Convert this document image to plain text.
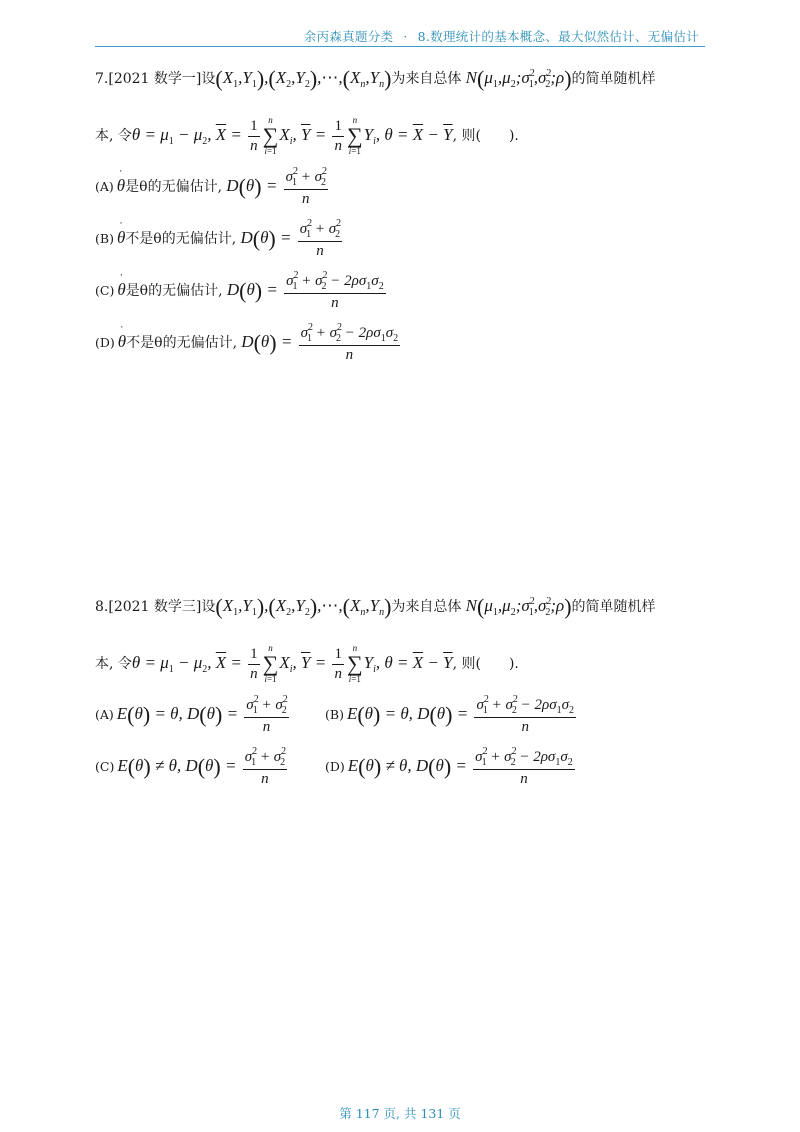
余丙森真题分类 · 8.数理统计的基本概念、最大似然估计、无偏估计
7.[2021 数学一]设$(X_1,Y_1),(X_2,Y_2),\cdots,(X_n,Y_n)$为来自总体 $N(\mu_1,\mu_2;\sigma^2_1,\sigma^2_2;\rho)$的简单随机样
本, 令$\theta = \mu_1 - \mu_2$, $\overline{X} = \frac{1}{n}$ n
∑
i=1
$X_i$, $\overline{Y} = \frac{1}{n}$ n
∑
i=1
$Y_i$, $\theta = \overline{X} - \overline{Y}$, 则(　　).
(A) ˙ θ是θ的无偏估计, $D(\theta) = \frac{\sigma^2_1 + \sigma^2_2}{n}$
(B) ˙ θ不是θ的无偏估计, $D(\theta) = \frac{\sigma^2_1 + \sigma^2_2}{n}$
(C) ˙ θ是θ的无偏估计, $D(\theta) = \frac{\sigma^2_1 + \sigma^2_2 - 2\rho\sigma_1\sigma_2}{n}$
(D) ˙ θ不是θ的无偏估计, $D(\theta) = \frac{\sigma^2_1 + \sigma^2_2 - 2\rho\sigma_1\sigma_2}{n}$
8.[2021 数学三]设$(X_1,Y_1),(X_2,Y_2),\cdots,(X_n,Y_n)$为来自总体 $N(\mu_1,\mu_2;\sigma^2_1,\sigma^2_2;\rho)$的简单随机样
本, 令$\theta = \mu_1 - \mu_2$, $\overline{X} = \frac{1}{n}$ n
∑
i=1
$X_i$, $\overline{Y} = \frac{1}{n}$ n
∑
i=1
$Y_i$, $\theta = \overline{X} - \overline{Y}$, 则(　　).
(A) E(θ) = θ, $D(\theta) = \frac{\sigma^2_1 + \sigma^2_2}{n}$	(B) E(θ) = θ, $D(\theta) = \frac{\sigma^2_1 + \sigma^2_2 - 2\rho\sigma_1\sigma_2}{n}$
(C) E(θ) ≠ θ, $D(\theta) = \frac{\sigma^2_1 + \sigma^2_2}{n}$	(D) E(θ) ≠ θ, $D(\theta) = \frac{\sigma^2_1 + \sigma^2_2 - 2\rho\sigma_1\sigma_2}{n}$
第 117 页, 共 131 页
